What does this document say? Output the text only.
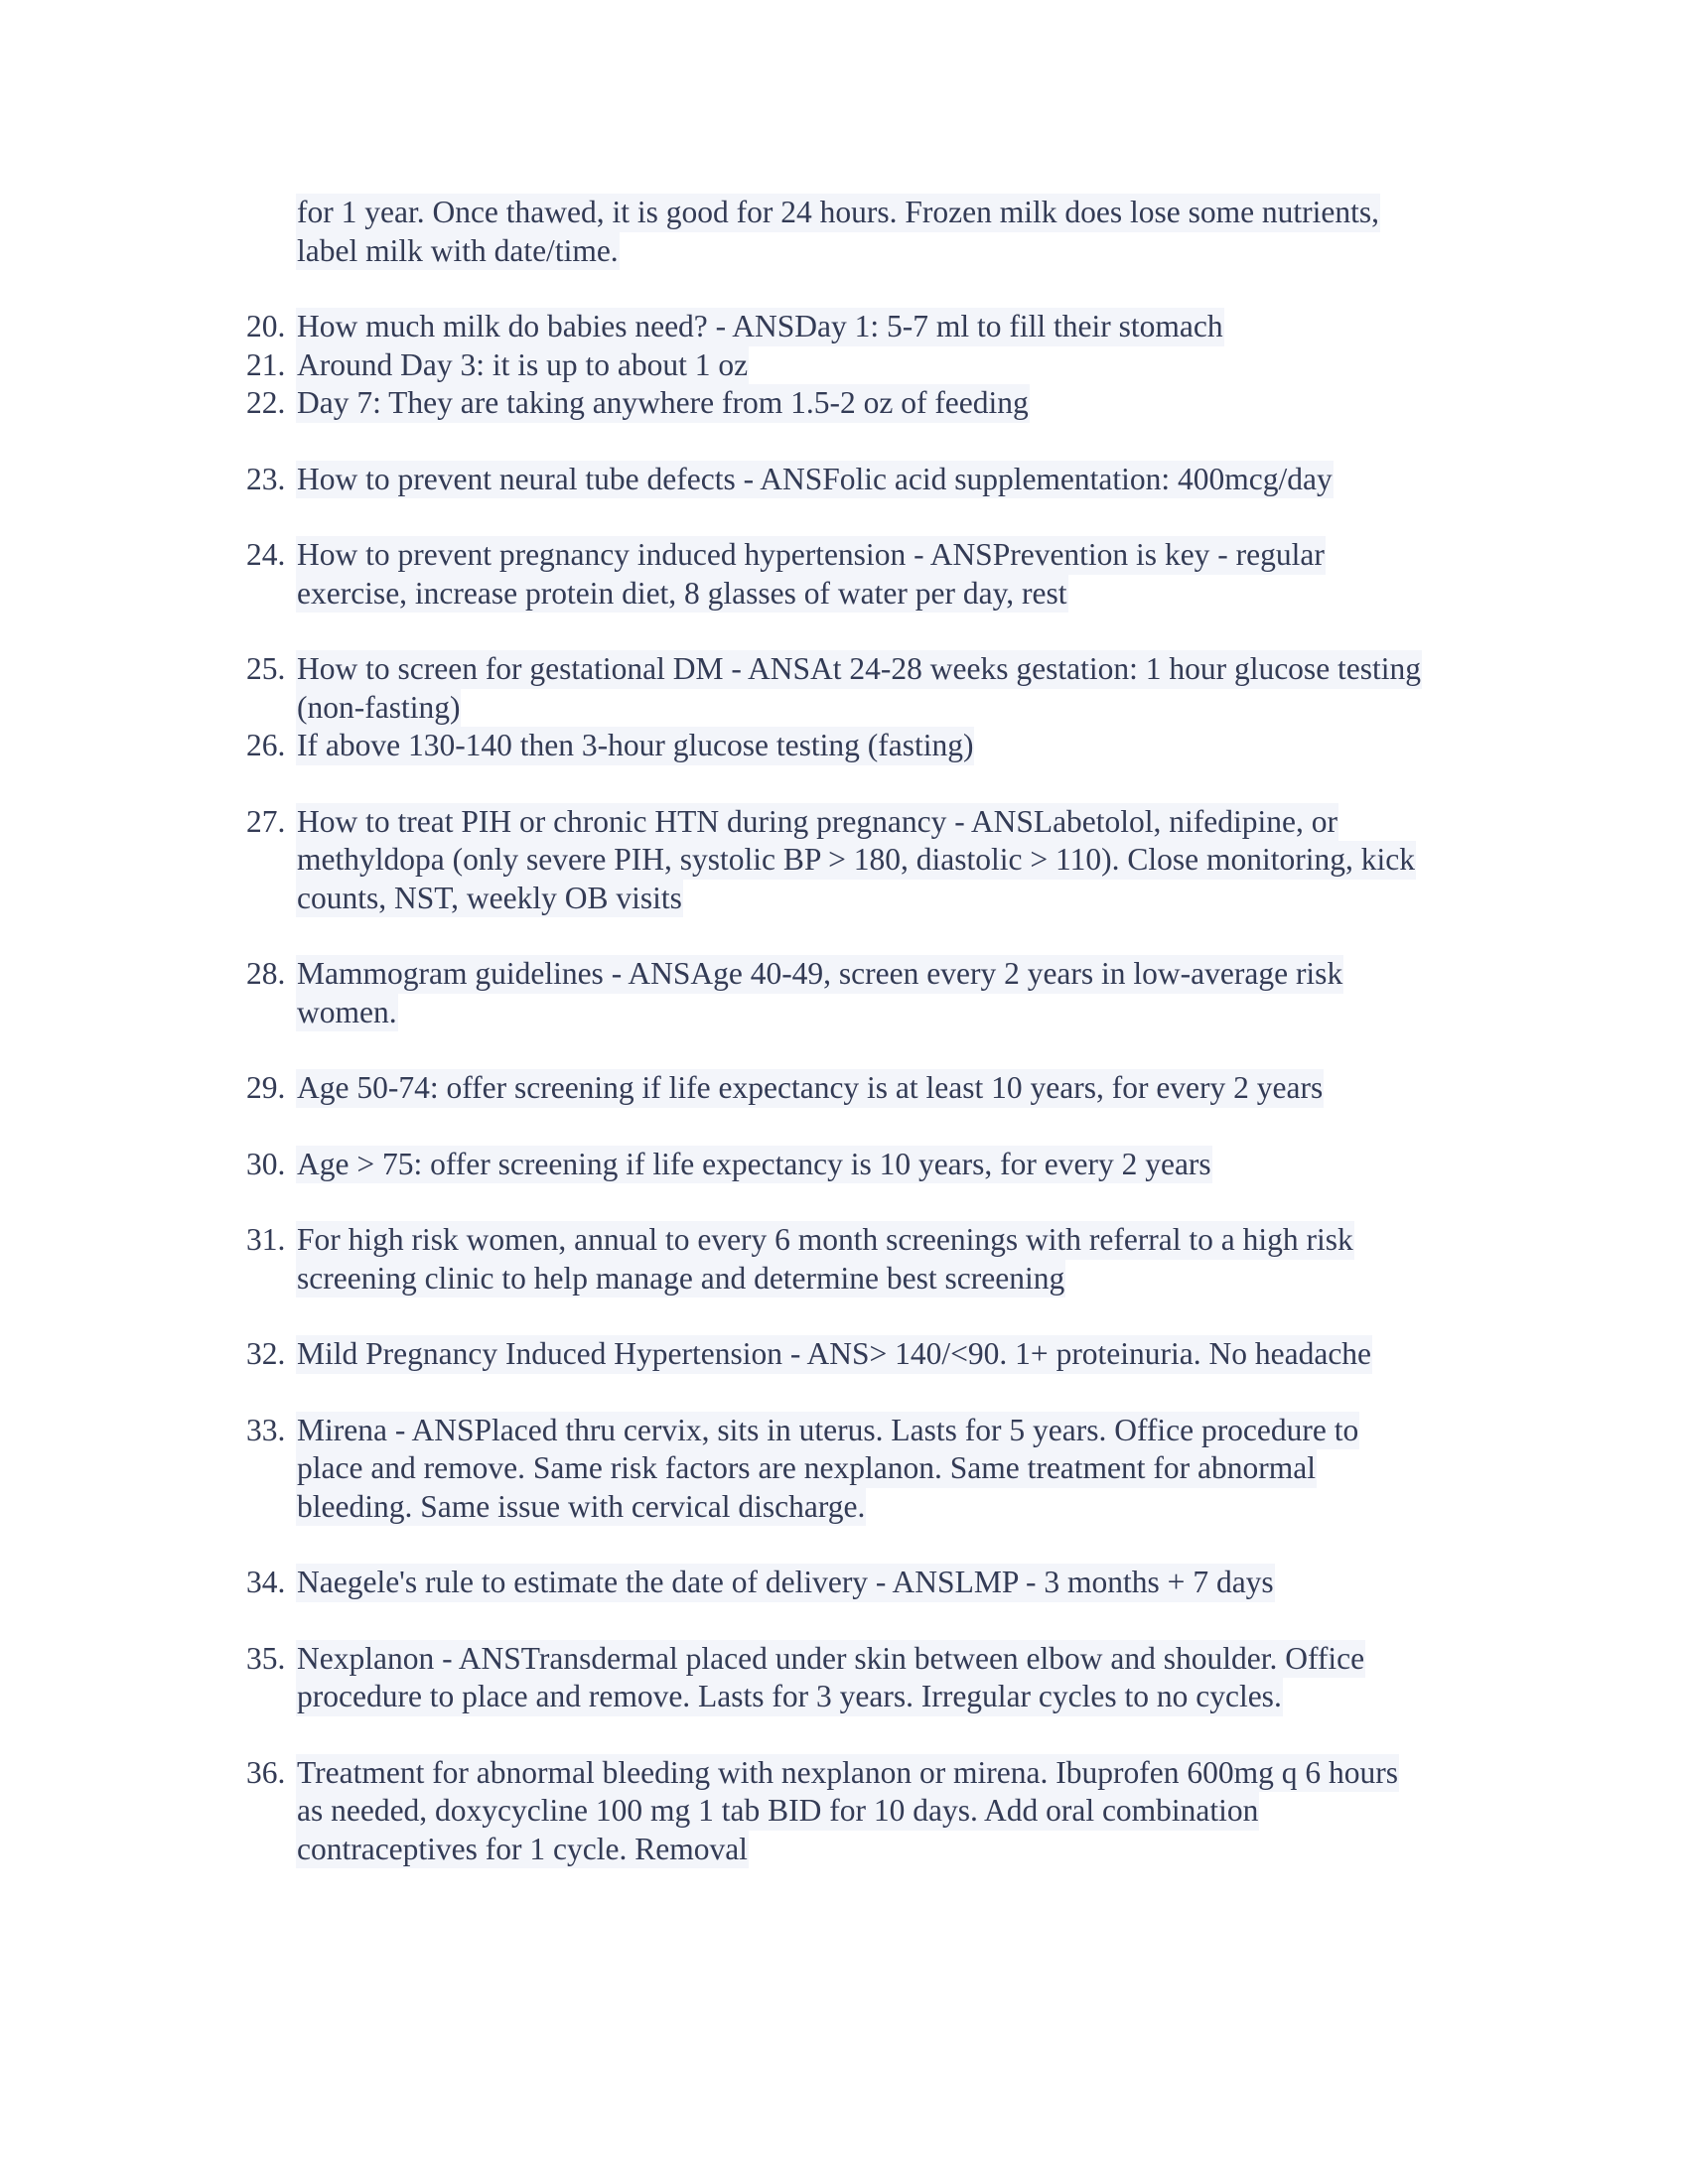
for 1 year. Once thawed, it is good for 24 hours. Frozen milk does lose some nutrients,
label milk with date/time.
20. How much milk do babies need? - ANSDay 1: 5-7 ml to fill their stomach
21. Around Day 3: it is up to about 1 oz
22. Day 7: They are taking anywhere from 1.5-2 oz of feeding
23. How to prevent neural tube defects - ANSFolic acid supplementation: 400mcg/day
24. How to prevent pregnancy induced hypertension - ANSPrevention is key - regular
exercise, increase protein diet, 8 glasses of water per day, rest
25. How to screen for gestational DM - ANSAt 24-28 weeks gestation: 1 hour glucose testing
(non-fasting)
26. If above 130-140 then 3-hour glucose testing (fasting)
27. How to treat PIH or chronic HTN during pregnancy - ANSLabetolol, nifedipine, or
methyldopa (only severe PIH, systolic BP > 180, diastolic > 110). Close monitoring, kick
counts, NST, weekly OB visits
28. Mammogram guidelines - ANSAge 40-49, screen every 2 years in low-average risk
women.
29. Age 50-74: offer screening if life expectancy is at least 10 years, for every 2 years
30. Age > 75: offer screening if life expectancy is 10 years, for every 2 years
31. For high risk women, annual to every 6 month screenings with referral to a high risk
screening clinic to help manage and determine best screening
32. Mild Pregnancy Induced Hypertension - ANS> 140/<90. 1+ proteinuria. No headache
33. Mirena - ANSPlaced thru cervix, sits in uterus. Lasts for 5 years. Office procedure to
place and remove. Same risk factors are nexplanon. Same treatment for abnormal
bleeding. Same issue with cervical discharge.
34. Naegele's rule to estimate the date of delivery - ANSLMP - 3 months + 7 days
35. Nexplanon - ANSTransdermal placed under skin between elbow and shoulder. Office
procedure to place and remove. Lasts for 3 years. Irregular cycles to no cycles.
36. Treatment for abnormal bleeding with nexplanon or mirena. Ibuprofen 600mg q 6 hours
as needed, doxycycline 100 mg 1 tab BID for 10 days. Add oral combination
contraceptives for 1 cycle. Removal
